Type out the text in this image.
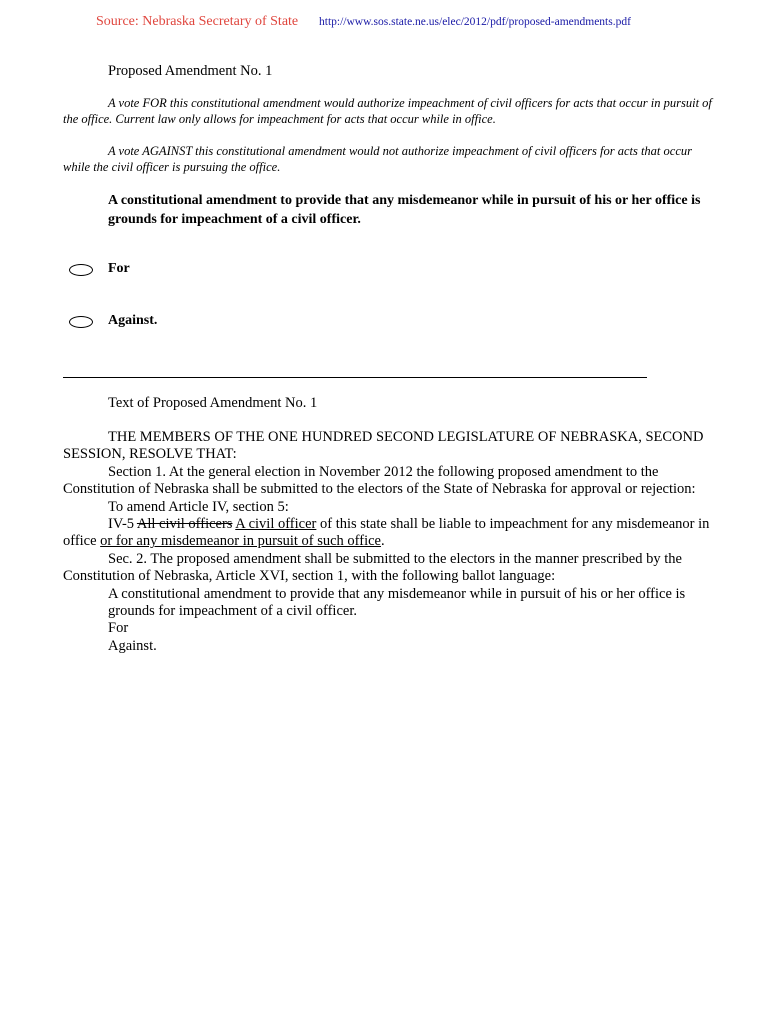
Source: Nebraska Secretary of State http://www.sos.state.ne.us/elec/2012/pdf/proposed-amendments.pdf
Proposed Amendment No. 1
A vote FOR this constitutional amendment would authorize impeachment of civil officers for acts that occur in pursuit of the office. Current law only allows for impeachment for acts that occur while in office.
A vote AGAINST this constitutional amendment would not authorize impeachment of civil officers for acts that occur while the civil officer is pursuing the office.
A constitutional amendment to provide that any misdemeanor while in pursuit of his or her office is grounds for impeachment of a civil officer.
For
Against.
Text of Proposed Amendment No. 1
THE MEMBERS OF THE ONE HUNDRED SECOND LEGISLATURE OF NEBRASKA, SECOND SESSION, RESOLVE THAT:
Section 1. At the general election in November 2012 the following proposed amendment to the Constitution of Nebraska shall be submitted to the electors of the State of Nebraska for approval or rejection:
To amend Article IV, section 5:
IV-5 All civil officers A civil officer of this state shall be liable to impeachment for any misdemeanor in office or for any misdemeanor in pursuit of such office.
Sec. 2. The proposed amendment shall be submitted to the electors in the manner prescribed by the Constitution of Nebraska, Article XVI, section 1, with the following ballot language:
A constitutional amendment to provide that any misdemeanor while in pursuit of his or her office is grounds for impeachment of a civil officer.
For
Against.
